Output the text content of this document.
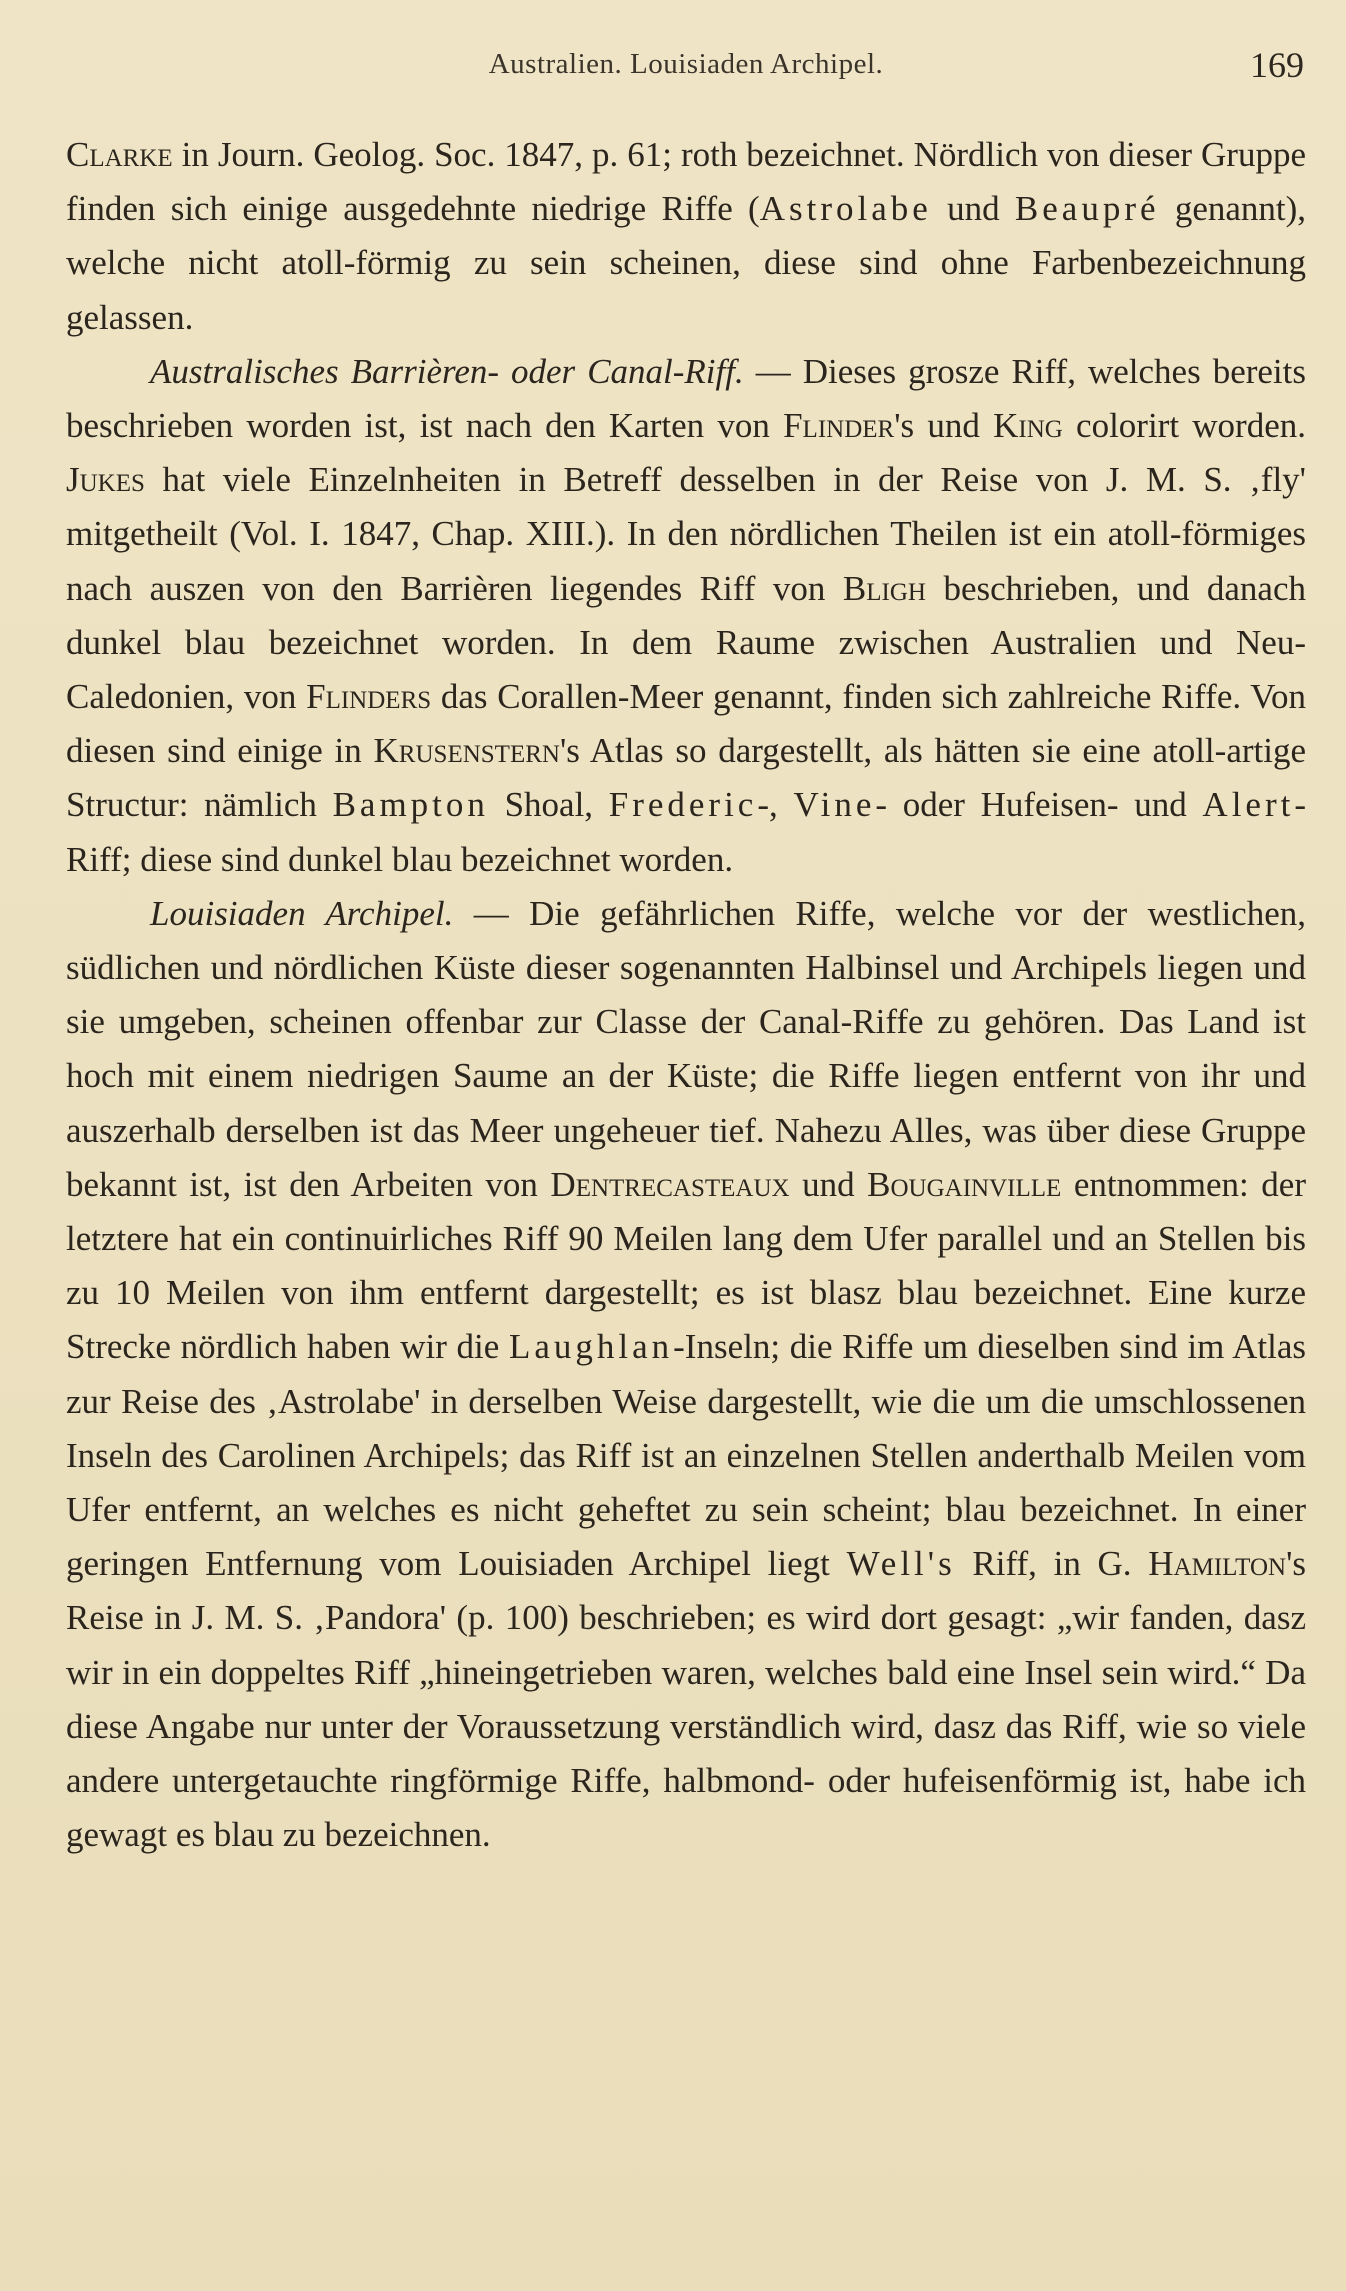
Australien. Louisiaden Archipel.	169

Clarke in Journ. Geolog. Soc. 1847, p. 61; roth bezeichnet. Nördlich von dieser Gruppe finden sich einige ausgedehnte niedrige Riffe (Astrolabe und Beaupré genannt), welche nicht atoll-förmig zu sein scheinen, diese sind ohne Farbenbezeichnung gelassen.

Australisches Barrièren- oder Canal-Riff. — Dieses grosze Riff, welches bereits beschrieben worden ist, ist nach den Karten von Flinder's und King colorirt worden. Jukes hat viele Einzelnheiten in Betreff desselben in der Reise von J. M. S. ‚fly' mitgetheilt (Vol. I. 1847, Chap. XIII.). In den nördlichen Theilen ist ein atoll-förmiges nach auszen von den Barrièren liegendes Riff von Bligh beschrieben, und danach dunkel blau bezeichnet worden. In dem Raume zwischen Australien und Neu-Caledonien, von Flinders das Corallen-Meer genannt, finden sich zahlreiche Riffe. Von diesen sind einige in Krusenstern's Atlas so dargestellt, als hätten sie eine atoll-artige Structur: nämlich Bampton Shoal, Frederic-, Vine- oder Hufeisen- und Alert-Riff; diese sind dunkel blau bezeichnet worden.

Louisiaden Archipel. — Die gefährlichen Riffe, welche vor der westlichen, südlichen und nördlichen Küste dieser sogenannten Halbinsel und Archipels liegen und sie umgeben, scheinen offenbar zur Classe der Canal-Riffe zu gehören. Das Land ist hoch mit einem niedrigen Saume an der Küste; die Riffe liegen entfernt von ihr und auszerhalb derselben ist das Meer ungeheuer tief. Nahezu Alles, was über diese Gruppe bekannt ist, ist den Arbeiten von Dentrecasteaux und Bougainville entnommen: der letztere hat ein continuirliches Riff 90 Meilen lang dem Ufer parallel und an Stellen bis zu 10 Meilen von ihm entfernt dargestellt; es ist blasz blau bezeichnet. Eine kurze Strecke nördlich haben wir die Laughlan-Inseln; die Riffe um dieselben sind im Atlas zur Reise des ‚Astrolabe' in derselben Weise dargestellt, wie die um die umschlossenen Inseln des Carolinen Archipels; das Riff ist an einzelnen Stellen anderthalb Meilen vom Ufer entfernt, an welches es nicht geheftet zu sein scheint; blau bezeichnet. In einer geringen Entfernung vom Louisiaden Archipel liegt Well's Riff, in G. Hamilton's Reise in J. M. S. ‚Pandora' (p. 100) beschrieben; es wird dort gesagt: „wir fanden, dasz wir in ein doppeltes Riff „hineingetrieben waren, welches bald eine Insel sein wird.“ Da diese Angabe nur unter der Voraussetzung verständlich wird, dasz das Riff, wie so viele andere untergetauchte ringförmige Riffe, halbmond- oder hufeisenförmig ist, habe ich gewagt es blau zu bezeichnen.
